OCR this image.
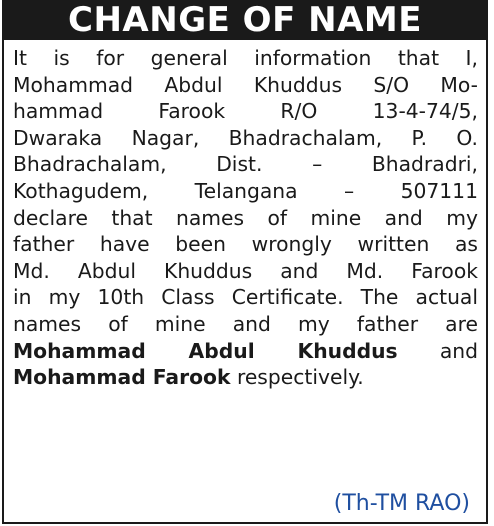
CHANGE OF NAME
It is for general information that I,
Mohammad Abdul Khuddus S/O Mo-
hammad Farook R/O 13-4-74/5,
Dwaraka Nagar, Bhadrachalam, P. O.
Bhadrachalam, Dist. – Bhadradri,
Kothagudem, Telangana – 507111
declare that names of mine and my
father have been wrongly written as
Md. Abdul Khuddus and Md. Farook
in my 10th Class Certificate. The actual
names of mine and my father are
Mohammad Abdul Khuddus and
Mohammad Farook respectively.
(Th-TM RAO)
